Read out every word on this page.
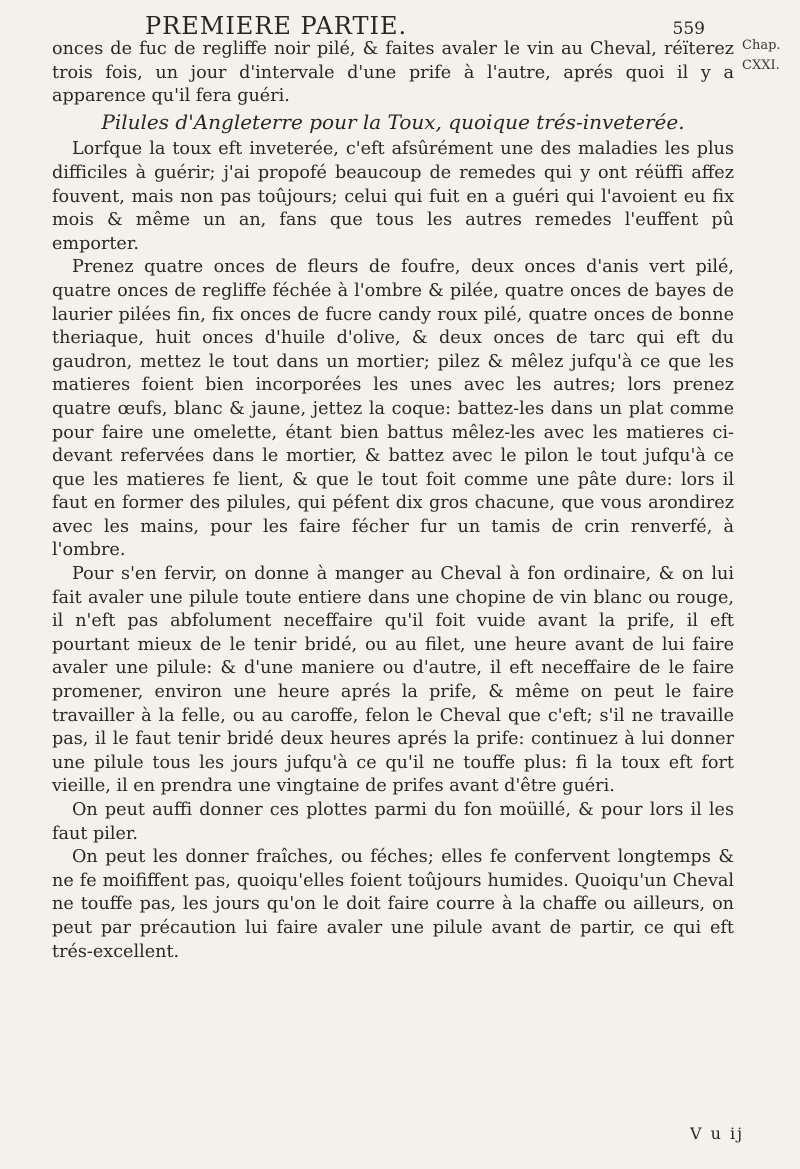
PREMIERE PARTIE.	559
Chap.
CXXI.

onces de fuc de regliffe noir pilé, & faites avaler le vin au Cheval, réïterez trois fois, un jour d'intervale d'une prife à l'autre, aprés quoi il y a apparence qu'il fera guéri.

Pilules d'Angleterre pour la Toux, quoique trés-inveterée.

Lorfque la toux eft inveterée, c'eft afsûrément une des maladies les plus difficiles à guérir; j'ai propofé beaucoup de remedes qui y ont réüffi affez fouvent, mais non pas toûjours; celui qui fuit en a guéri qui l'avoient eu fix mois & même un an, fans que tous les autres remedes l'euffent pû emporter.

Prenez quatre onces de fleurs de foufre, deux onces d'anis vert pilé, quatre onces de regliffe féchée à l'ombre & pilée, quatre onces de bayes de laurier pilées fin, fix onces de fucre candy roux pilé, quatre onces de bonne theriaque, huit onces d'huile d'olive, & deux onces de tarc qui eft du gaudron, mettez le tout dans un mortier; pilez & mêlez jufqu'à ce que les matieres foient bien incorporées les unes avec les autres; lors prenez quatre œufs, blanc & jaune, jettez la coque: battez-les dans un plat comme pour faire une omelette, étant bien battus mêlez-les avec les matieres ci-devant refervées dans le mortier, & battez avec le pilon le tout jufqu'à ce que les matieres fe lient, & que le tout foit comme une pâte dure: lors il faut en former des pilules, qui péfent dix gros chacune, que vous arondirez avec les mains, pour les faire fécher fur un tamis de crin renverfé, à l'ombre.

Pour s'en fervir, on donne à manger au Cheval à fon ordinaire, & on lui fait avaler une pilule toute entiere dans une chopine de vin blanc ou rouge, il n'eft pas abfolument neceffaire qu'il foit vuide avant la prife, il eft pourtant mieux de le tenir bridé, ou au filet, une heure avant de lui faire avaler une pilule: & d'une maniere ou d'autre, il eft neceffaire de le faire promener, environ une heure aprés la prife, & même on peut le faire travailler à la felle, ou au caroffe, felon le Cheval que c'eft; s'il ne travaille pas, il le faut tenir bridé deux heures aprés la prife: continuez à lui donner une pilule tous les jours jufqu'à ce qu'il ne touffe plus: fi la toux eft fort vieille, il en prendra une vingtaine de prifes avant d'être guéri.

On peut auffi donner ces plottes parmi du fon moüillé, & pour lors il les faut piler.

On peut les donner fraîches, ou féches; elles fe confervent longtemps & ne fe moififfent pas, quoiqu'elles foient toûjours humides. Quoiqu'un Cheval ne touffe pas, les jours qu'on le doit faire courre à la chaffe ou ailleurs, on peut par précaution lui faire avaler une pilule avant de partir, ce qui eft trés-excellent.

V u ij
